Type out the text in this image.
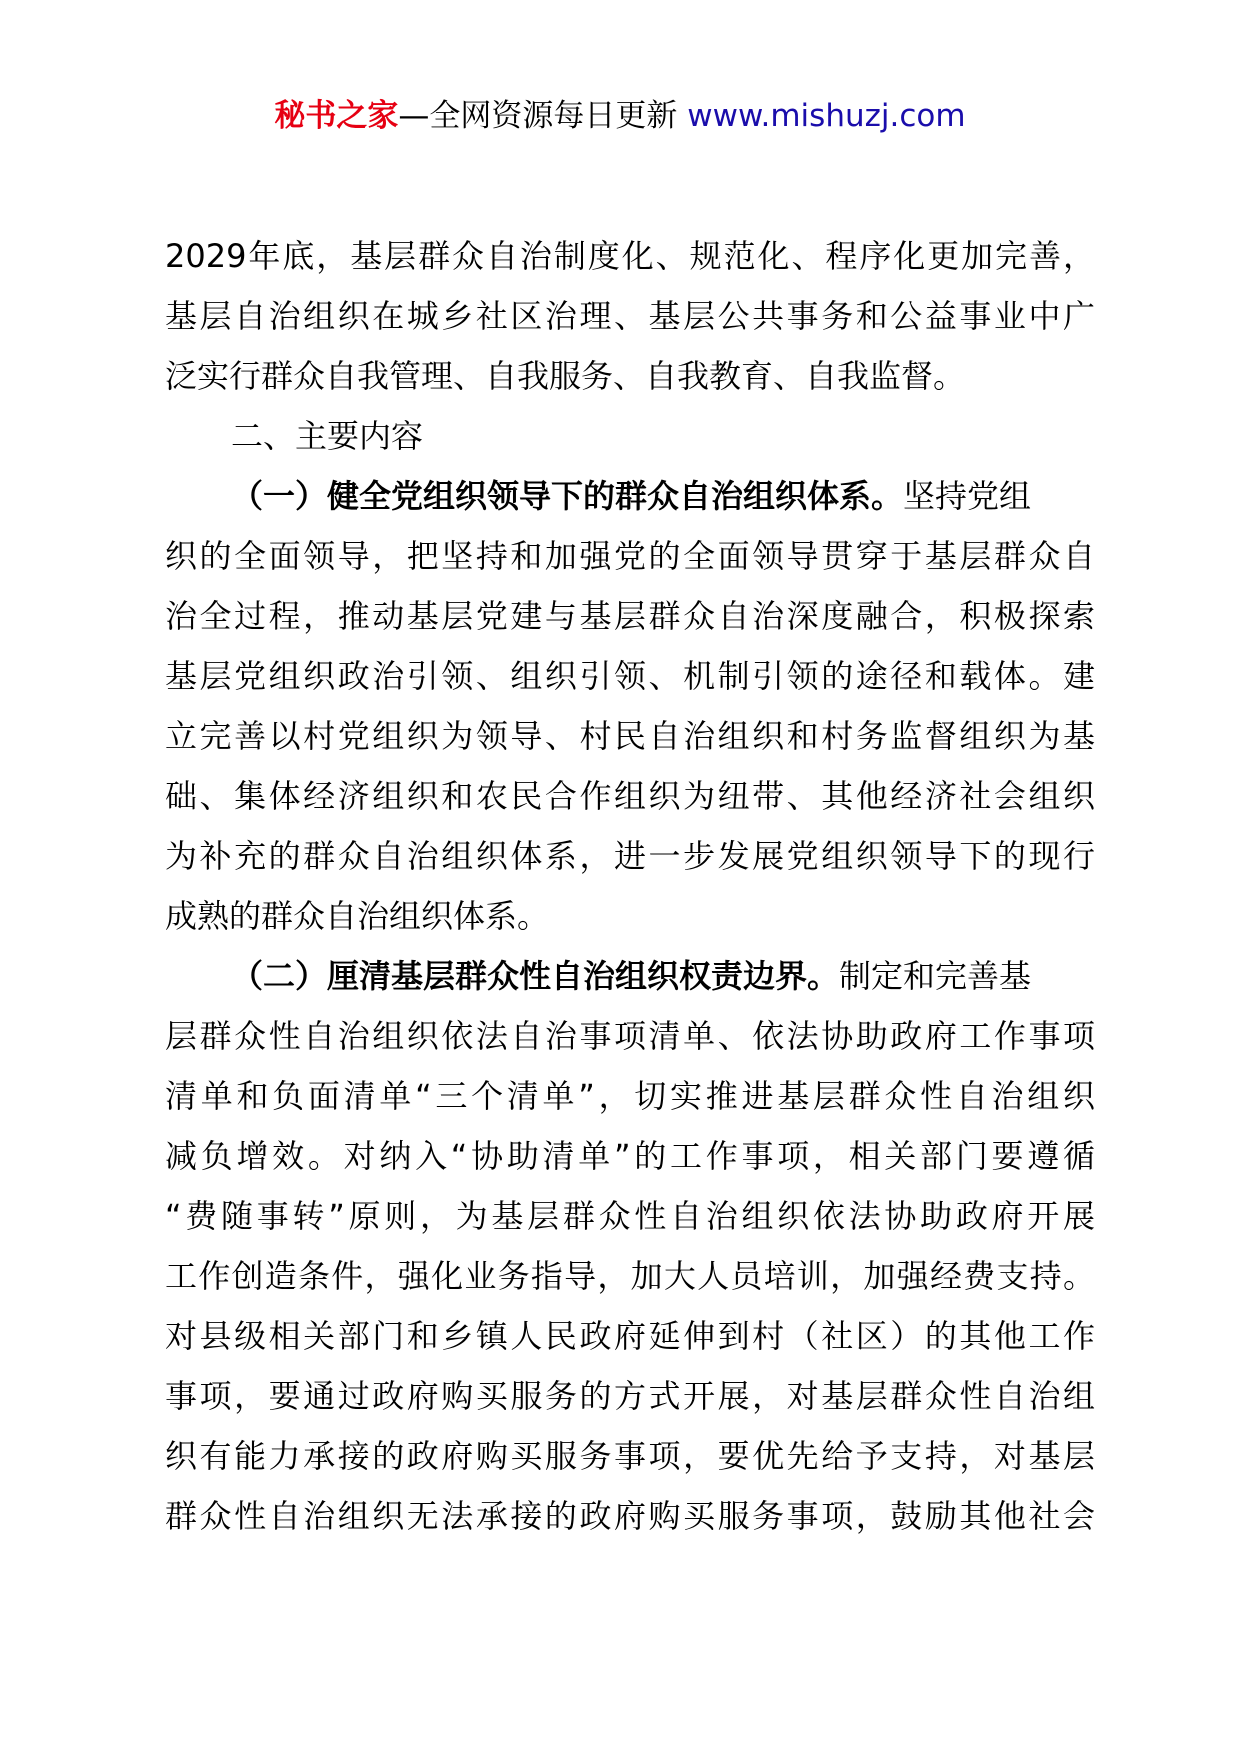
秘书之家—全网资源每日更新 www.mishuzj.com
2029年底，基层群众自治制度化、规范化、程序化更加完善，
基层自治组织在城乡社区治理、基层公共事务和公益事业中广
泛实行群众自我管理、自我服务、自我教育、自我监督。
二、主要内容
（一）健全党组织领导下的群众自治组织体系。坚持党组
织的全面领导，把坚持和加强党的全面领导贯穿于基层群众自
治全过程，推动基层党建与基层群众自治深度融合，积极探索
基层党组织政治引领、组织引领、机制引领的途径和载体。建
立完善以村党组织为领导、村民自治组织和村务监督组织为基
础、集体经济组织和农民合作组织为纽带、其他经济社会组织
为补充的群众自治组织体系，进一步发展党组织领导下的现行
成熟的群众自治组织体系。
（二）厘清基层群众性自治组织权责边界。制定和完善基
层群众性自治组织依法自治事项清单、依法协助政府工作事项
清单和负面清单“三个清单”，切实推进基层群众性自治组织
减负增效。对纳入“协助清单”的工作事项，相关部门要遵循
“费随事转”原则，为基层群众性自治组织依法协助政府开展
工作创造条件，强化业务指导，加大人员培训，加强经费支持。
对县级相关部门和乡镇人民政府延伸到村（社区）的其他工作
事项，要通过政府购买服务的方式开展，对基层群众性自治组
织有能力承接的政府购买服务事项，要优先给予支持，对基层
群众性自治组织无法承接的政府购买服务事项，鼓励其他社会
